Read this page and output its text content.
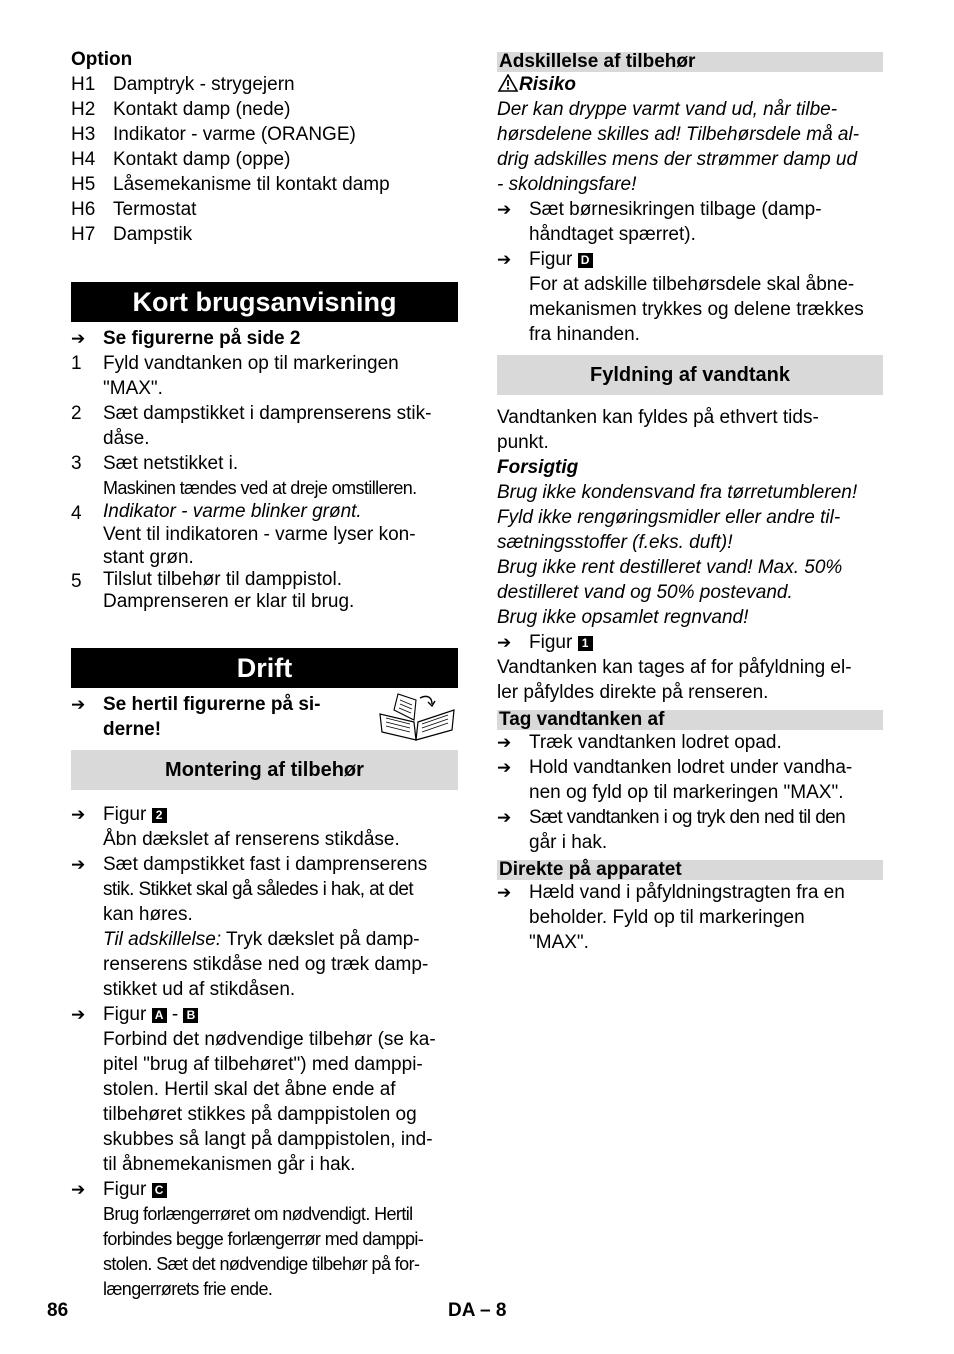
Option
H1 Damptryk - strygejern
H2 Kontakt damp (nede)
H3 Indikator - varme (ORANGE)
H4 Kontakt damp (oppe)
H5 Låsemekanisme til kontakt damp
H6 Termostat
H7 Dampstik
Kort brugsanvisning
➔ Se figurerne på side 2
1	Fyld vandtanken op til markeringen
"MAX".
2	Sæt dampstikket i damprenserens stik-
dåse.
3	Sæt netstikket i.
Maskinen tændes ved at dreje omstilleren.
4	Indikator - varme blinker grønt.
Vent til indikatoren - varme lyser kon-
stant grøn.
5	Tilslut tilbehør til damppistol.
Damprenseren er klar til brug.
Drift
➔ Se hertil figurerne på si-
derne!
Montering af tilbehør
➔ Figur 2
Åbn dækslet af renserens stikdåse.
➔ Sæt dampstikket fast i damprenserens
stik. Stikket skal gå således i hak, at det
kan høres.
Til adskillelse: Tryk dækslet på damp-
renserens stikdåse ned og træk damp-
stikket ud af stikdåsen.
➔ Figur A - B
Forbind det nødvendige tilbehør (se ka-
pitel "brug af tilbehøret") med damppi-
stolen. Hertil skal det åbne ende af
tilbehøret stikkes på damppistolen og
skubbes så langt på damppistolen, ind-
til åbnemekanismen går i hak.
➔ Figur C
Brug forlængerrøret om nødvendigt. Hertil
forbindes begge forlængerrør med damppi-
stolen. Sæt det nødvendige tilbehør på for-
længerrørets frie ende.
Adskillelse af tilbehør
Risiko
Der kan dryppe varmt vand ud, når tilbe-
hørsdelene skilles ad! Tilbehørsdele må al-
drig adskilles mens der strømmer damp ud
- skoldningsfare!
➔ Sæt børnesikringen tilbage (damp-
håndtaget spærret).
➔ Figur D
For at adskille tilbehørsdele skal åbne-
mekanismen trykkes og delene trækkes
fra hinanden.
Fyldning af vandtank
Vandtanken kan fyldes på ethvert tids-
punkt.
Forsigtig
Brug ikke kondensvand fra tørretumbleren!
Fyld ikke rengøringsmidler eller andre til-
sætningsstoffer (f.eks. duft)!
Brug ikke rent destilleret vand! Max. 50%
destilleret vand og 50% postevand.
Brug ikke opsamlet regnvand!
➔ Figur 1
Vandtanken kan tages af for påfyldning el-
ler påfyldes direkte på renseren.
Tag vandtanken af
➔ Træk vandtanken lodret opad.
➔ Hold vandtanken lodret under vandha-
nen og fyld op til markeringen "MAX".
➔ Sæt vandtanken i og tryk den ned til den
går i hak.
Direkte på apparatet
➔ Hæld vand i påfyldningstragten fra en
beholder. Fyld op til markeringen
"MAX".
86	DA – 8
